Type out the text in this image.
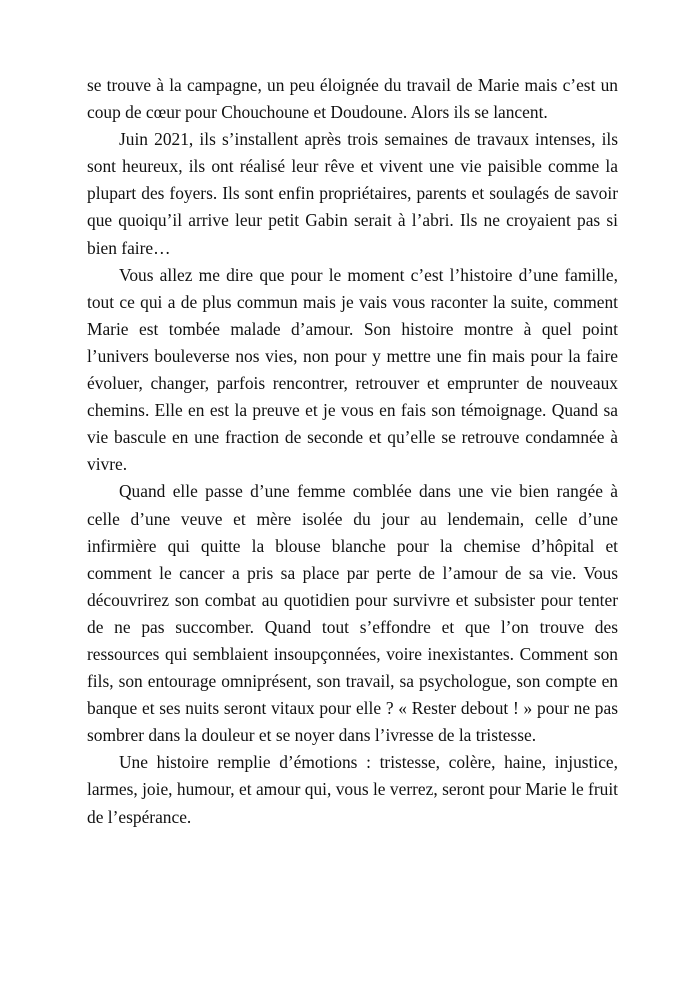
se trouve à la campagne, un peu éloignée du travail de Marie mais c’est un coup de cœur pour Chouchoune et Doudoune. Alors ils se lancent.

Juin 2021, ils s’installent après trois semaines de travaux intenses, ils sont heureux, ils ont réalisé leur rêve et vivent une vie paisible comme la plupart des foyers. Ils sont enfin propriétaires, parents et soulagés de savoir que quoiqu’il arrive leur petit Gabin serait à l’abri. Ils ne croyaient pas si bien faire…

Vous allez me dire que pour le moment c’est l’histoire d’une famille, tout ce qui a de plus commun mais je vais vous raconter la suite, comment Marie est tombée malade d’amour. Son histoire montre à quel point l’univers bouleverse nos vies, non pour y mettre une fin mais pour la faire évoluer, changer, parfois rencontrer, retrouver et emprunter de nouveaux chemins. Elle en est la preuve et je vous en fais son témoignage. Quand sa vie bascule en une fraction de seconde et qu’elle se retrouve condamnée à vivre.

Quand elle passe d’une femme comblée dans une vie bien rangée à celle d’une veuve et mère isolée du jour au lendemain, celle d’une infirmière qui quitte la blouse blanche pour la chemise d’hôpital et comment le cancer a pris sa place par perte de l’amour de sa vie. Vous découvrirez son combat au quotidien pour survivre et subsister pour tenter de ne pas succomber. Quand tout s’effondre et que l’on trouve des ressources qui semblaient insoupçonnées, voire inexistantes. Comment son fils, son entourage omniprésent, son travail, sa psychologue, son compte en banque et ses nuits seront vitaux pour elle ? « Rester debout ! » pour ne pas sombrer dans la douleur et se noyer dans l’ivresse de la tristesse.

Une histoire remplie d’émotions : tristesse, colère, haine, injustice, larmes, joie, humour, et amour qui, vous le verrez, seront pour Marie le fruit de l’espérance.
